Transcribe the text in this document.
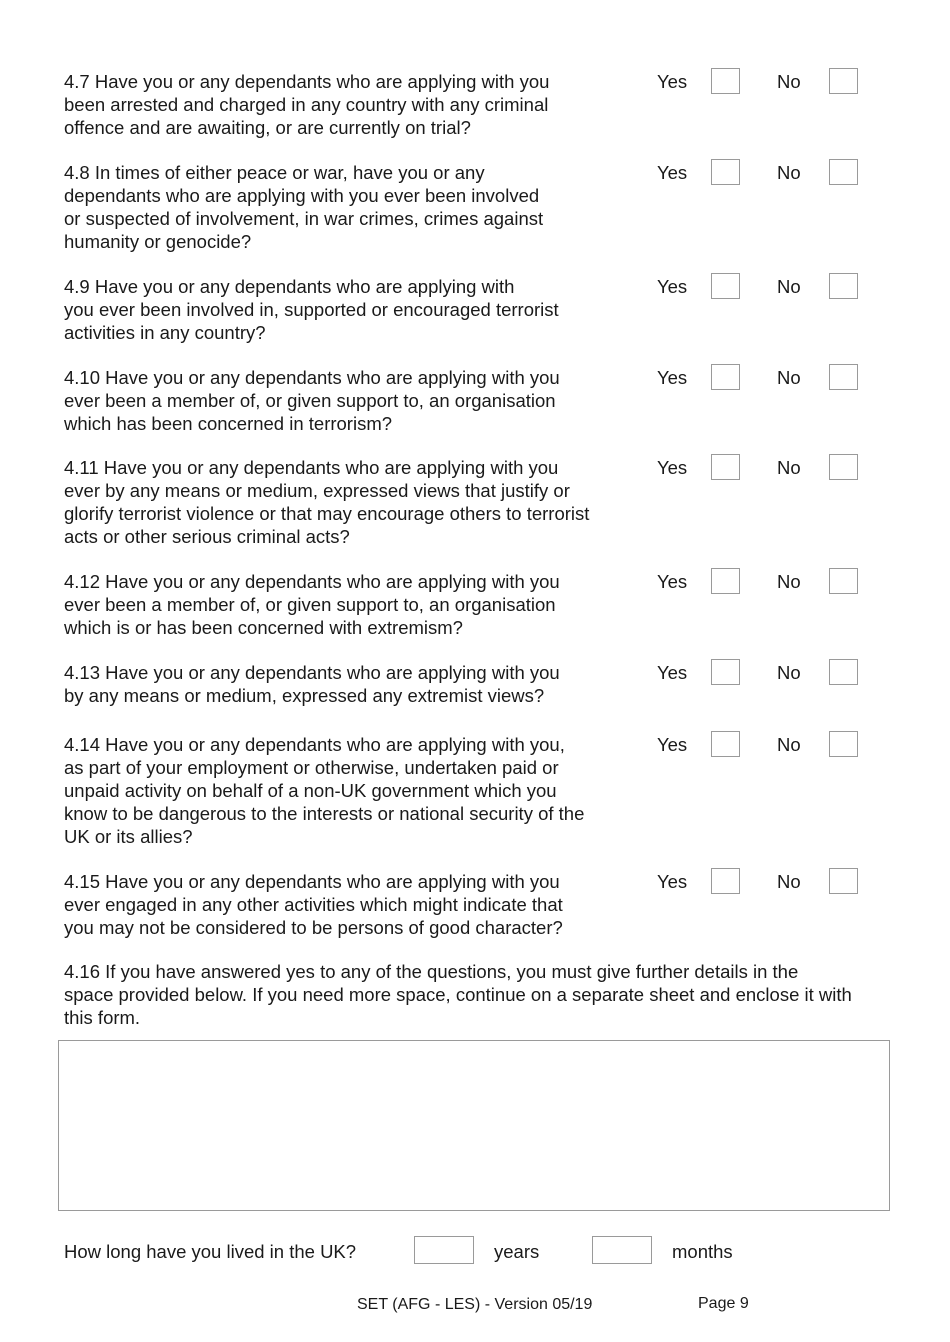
4.7 Have you or any dependants who are applying with you
been arrested and charged in any country with any criminal
offence and are awaiting, or are currently on trial?

Yes	No

4.8 In times of either peace or war, have you or any
dependants who are applying with you ever been involved
or suspected of involvement, in war crimes, crimes against
humanity or genocide?

Yes	No

4.9 Have you or any dependants who are applying with
you ever been involved in, supported or encouraged terrorist
activities in any country?

Yes	No

4.10 Have you or any dependants who are applying with you
ever been a member of, or given support to, an organisation
which has been concerned in terrorism?

Yes	No

4.11 Have you or any dependants who are applying with you
ever by any means or medium, expressed views that justify or
glorify terrorist violence or that may encourage others to terrorist
acts or other serious criminal acts?

Yes	No

4.12 Have you or any dependants who are applying with you
ever been a member of, or given support to, an organisation
which is or has been concerned with extremism?

Yes	No

4.13 Have you or any dependants who are applying with you
by any means or medium, expressed any extremist views?

Yes	No

4.14 Have you or any dependants who are applying with you,
as part of your employment or otherwise, undertaken paid or
unpaid activity on behalf of a non-UK government which you
know to be dangerous to the interests or national security of the
UK or its allies?

Yes	No

4.15 Have you or any dependants who are applying with you
ever engaged in any other activities which might indicate that
you may not be considered to be persons of good character?

Yes	No

4.16 If you have answered yes to any of the questions, you must give further details in the
space provided below. If you need more space, continue on a separate sheet and enclose it with
this form.

How long have you lived in the UK?	years	months
SET (AFG - LES) - Version 05/19	Page 9
